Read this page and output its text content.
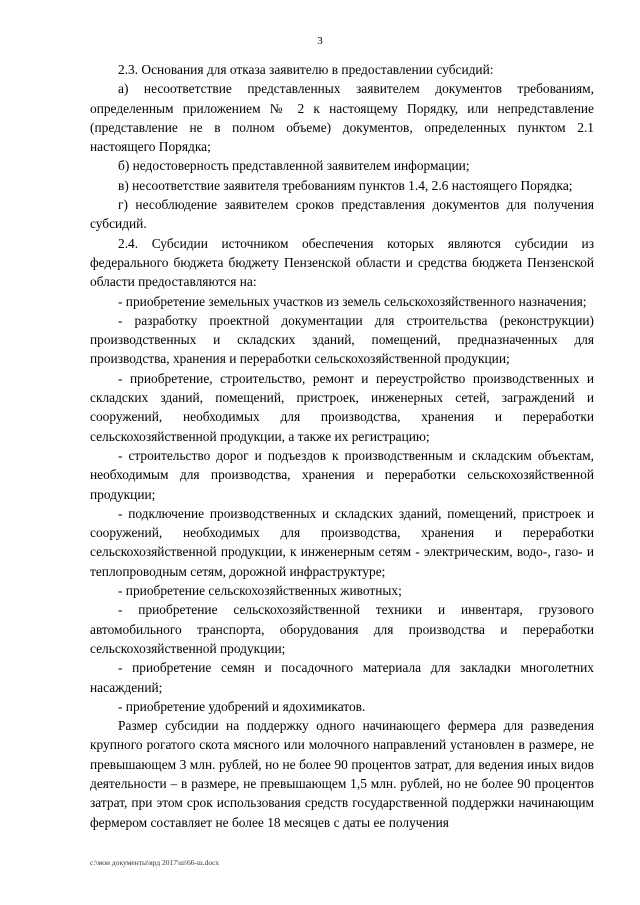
3

2.3. Основания для отказа заявителю в предоставлении субсидий:

а) несоответствие представленных заявителем документов требованиям, определенным приложением № 2 к настоящему Порядку, или непредставление (представление не в полном объеме) документов, определенных пунктом 2.1 настоящего Порядка;

б) недостоверность представленной заявителем информации;

в) несоответствие заявителя требованиям пунктов 1.4, 2.6 настоящего Порядка;

г) несоблюдение заявителем сроков представления документов для получения субсидий.

2.4. Субсидии источником обеспечения которых являются субсидии из федерального бюджета бюджету Пензенской области и средства бюджета Пензенской области предоставляются на:

- приобретение земельных участков из земель сельскохозяйственного назначения;

- разработку проектной документации для строительства (реконструкции) производственных и складских зданий, помещений, предназначенных для производства, хранения и переработки сельскохозяйственной продукции;

- приобретение, строительство, ремонт и переустройство производственных и складских зданий, помещений, пристроек, инженерных сетей, заграждений и сооружений, необходимых для производства, хранения и переработки сельскохозяйственной продукции, а также их регистрацию;

- строительство дорог и подъездов к производственным и складским объектам, необходимым для производства, хранения и переработки сельскохозяйственной продукции;

- подключение производственных и складских зданий, помещений, пристроек и сооружений, необходимых для производства, хранения и переработки сельскохозяйственной продукции, к инженерным сетям - электрическим, водо-, газо- и теплопроводным сетям, дорожной инфраструктуре;

- приобретение сельскохозяйственных животных;

- приобретение сельскохозяйственной техники и инвентаря, грузового автомобильного транспорта, оборудования для производства и переработки сельскохозяйственной продукции;

- приобретение семян и посадочного материала для закладки многолетних насаждений;

- приобретение удобрений и ядохимикатов.

Размер субсидии на поддержку одного начинающего фермера для разведения крупного рогатого скота мясного или молочного направлений установлен в размере, не превышающем 3 млн. рублей, но не более 90 процентов затрат, для ведения иных видов деятельности – в размере, не превышающем 1,5 млн. рублей, но не более 90 процентов затрат, при этом срок использования средств государственной поддержки начинающим фермером составляет не более 18 месяцев с даты ее получения

c:\мои документы\врд 2017\ш\66-ш.docx
